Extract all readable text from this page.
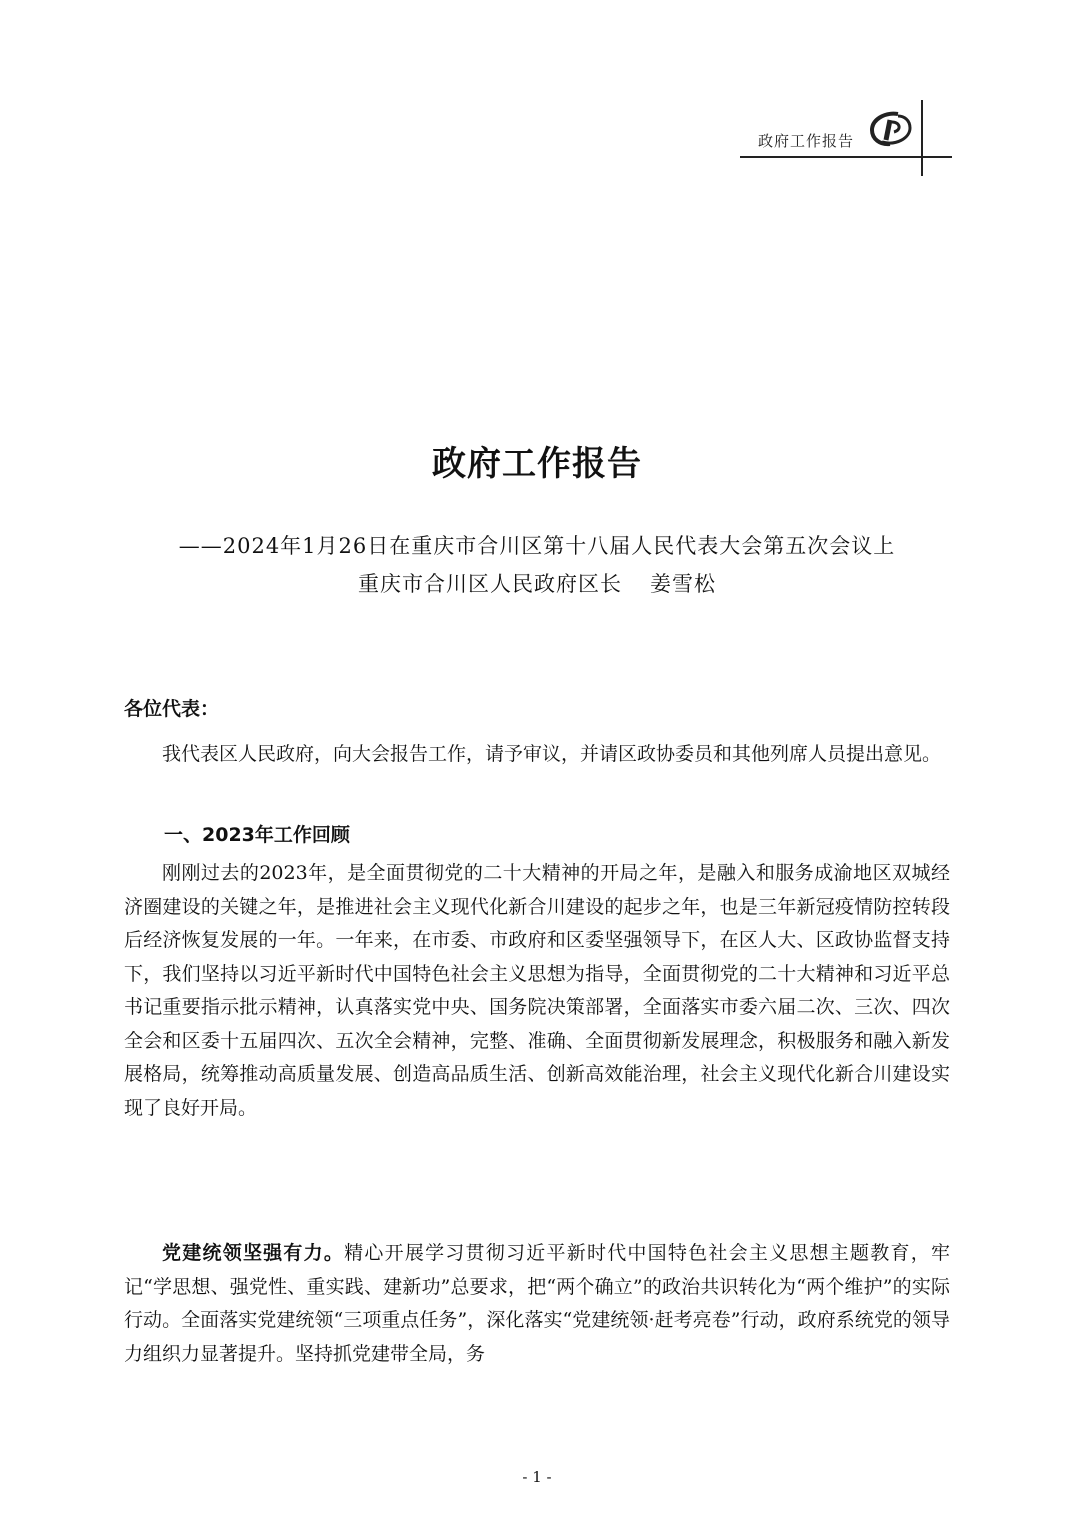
政府工作报告
政府工作报告
——2024年1月26日在重庆市合川区第十八届人民代表大会第五次会议上
重庆市合川区人民政府区长 姜雪松
各位代表：
我代表区人民政府，向大会报告工作，请予审议，并请区政协委员和其他列席人员提出意见。
一、2023年工作回顾
刚刚过去的2023年，是全面贯彻党的二十大精神的开局之年，是融入和服务成渝地区双城经济圈建设的关键之年，是推进社会主义现代化新合川建设的起步之年，也是三年新冠疫情防控转段后经济恢复发展的一年。一年来，在市委、市政府和区委坚强领导下，在区人大、区政协监督支持下，我们坚持以习近平新时代中国特色社会主义思想为指导，全面贯彻党的二十大精神和习近平总书记重要指示批示精神，认真落实党中央、国务院决策部署，全面落实市委六届二次、三次、四次全会和区委十五届四次、五次全会精神，完整、准确、全面贯彻新发展理念，积极服务和融入新发展格局，统筹推动高质量发展、创造高品质生活、创新高效能治理，社会主义现代化新合川建设实现了良好开局。
党建统领坚强有力。精心开展学习贯彻习近平新时代中国特色社会主义思想主题教育，牢记“学思想、强党性、重实践、建新功”总要求，把“两个确立”的政治共识转化为“两个维护”的实际行动。全面落实党建统领“三项重点任务”，深化落实“党建统领·赶考亮卷”行动，政府系统党的领导力组织力显著提升。坚持抓党建带全局，务
- 1 -
